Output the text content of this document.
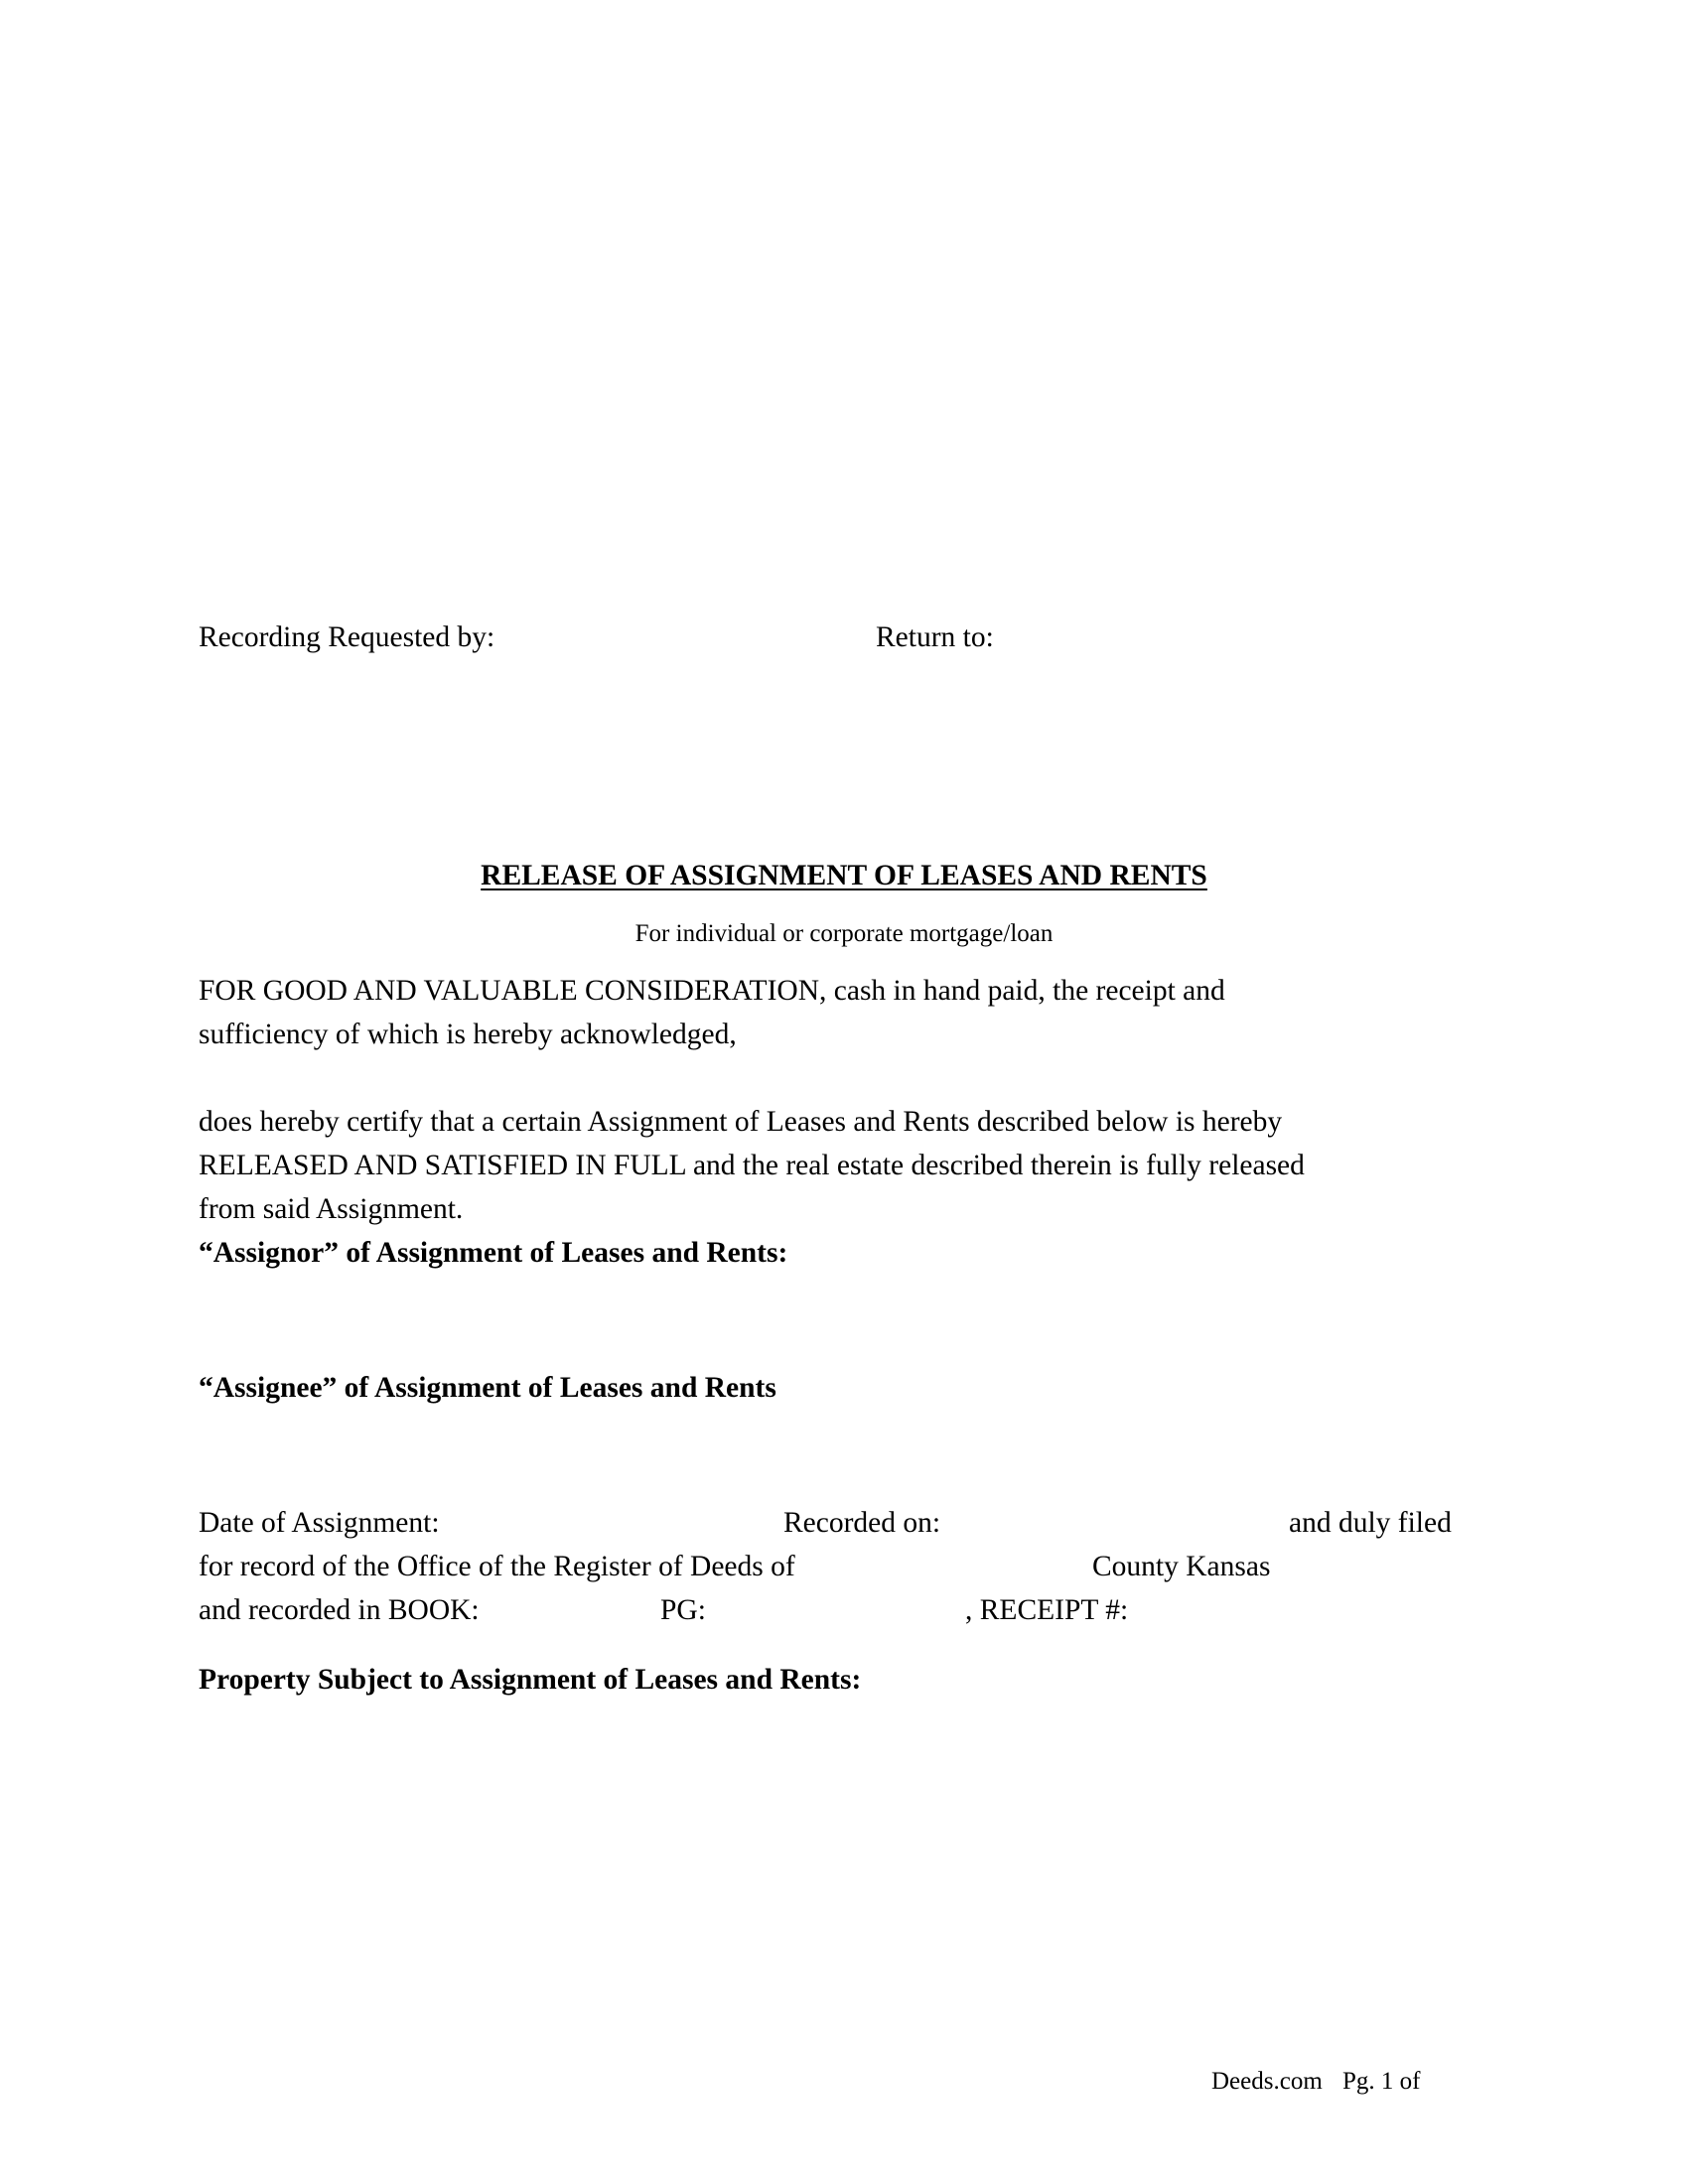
Recording Requested by:	Return to:
RELEASE OF ASSIGNMENT OF LEASES AND RENTS
For individual or corporate mortgage/loan
FOR GOOD AND VALUABLE CONSIDERATION, cash in hand paid, the receipt and
sufficiency of which is hereby acknowledged,
does hereby certify that a certain Assignment of Leases and Rents described below is hereby
RELEASED AND SATISFIED IN FULL and the real estate described therein is fully released
from said Assignment.
“Assignor” of Assignment of Leases and Rents:
“Assignee” of Assignment of Leases and Rents
Date of Assignment:	Recorded on:	and duly filed
for record of the Office of the Register of Deeds of	County Kansas
and recorded in BOOK:	PG:	, RECEIPT #:
Property Subject to Assignment of Leases and Rents:
Deeds.com Pg. 1 of
